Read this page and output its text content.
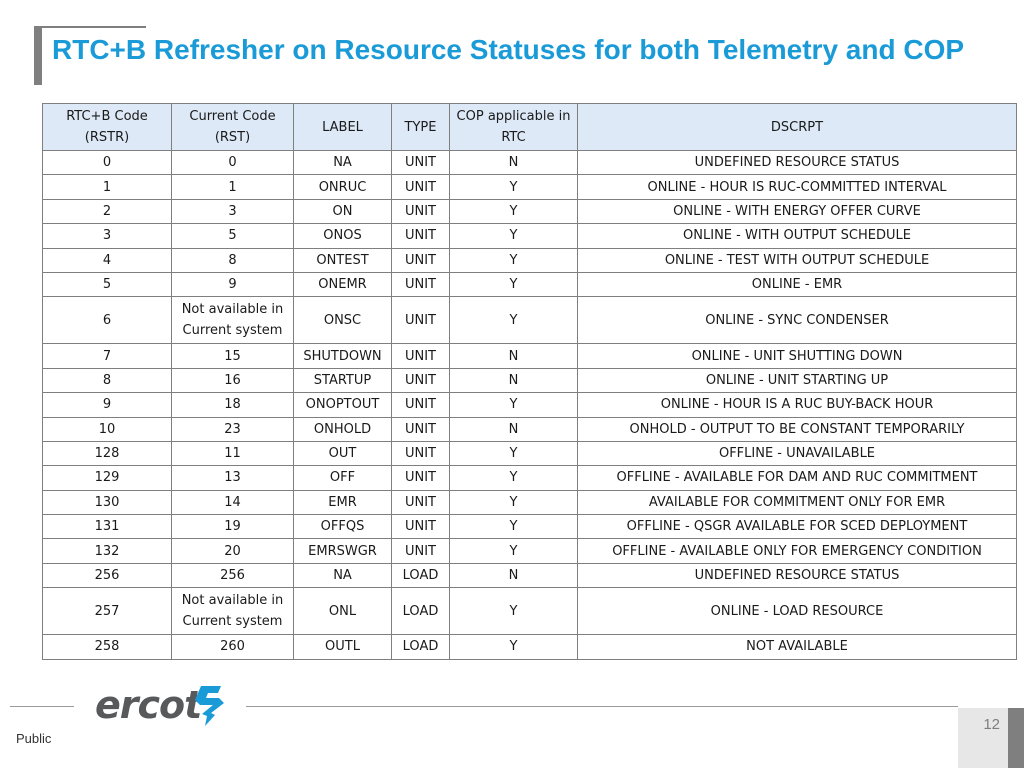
RTC+B Refresher on Resource Statuses for both Telemetry and COP
RTC+B Code (RSTR)	Current Code (RST)	LABEL	TYPE	COP applicable in RTC	DSCRPT
0	0	NA	UNIT	N	UNDEFINED RESOURCE STATUS
1	1	ONRUC	UNIT	Y	ONLINE - HOUR IS RUC-COMMITTED INTERVAL
2	3	ON	UNIT	Y	ONLINE - WITH ENERGY OFFER CURVE
3	5	ONOS	UNIT	Y	ONLINE - WITH OUTPUT SCHEDULE
4	8	ONTEST	UNIT	Y	ONLINE - TEST WITH OUTPUT SCHEDULE
5	9	ONEMR	UNIT	Y	ONLINE - EMR
6	Not available in Current system	ONSC	UNIT	Y	ONLINE - SYNC CONDENSER
7	15	SHUTDOWN	UNIT	N	ONLINE - UNIT SHUTTING DOWN
8	16	STARTUP	UNIT	N	ONLINE - UNIT STARTING UP
9	18	ONOPTOUT	UNIT	Y	ONLINE - HOUR IS A RUC BUY-BACK HOUR
10	23	ONHOLD	UNIT	N	ONHOLD - OUTPUT TO BE CONSTANT TEMPORARILY
128	11	OUT	UNIT	Y	OFFLINE - UNAVAILABLE
129	13	OFF	UNIT	Y	OFFLINE - AVAILABLE FOR DAM AND RUC COMMITMENT
130	14	EMR	UNIT	Y	AVAILABLE FOR COMMITMENT ONLY FOR EMR
131	19	OFFQS	UNIT	Y	OFFLINE - QSGR AVAILABLE FOR SCED DEPLOYMENT
132	20	EMRSWGR	UNIT	Y	OFFLINE - AVAILABLE ONLY FOR EMERGENCY CONDITION
256	256	NA	LOAD	N	UNDEFINED RESOURCE STATUS
257	Not available in Current system	ONL	LOAD	Y	ONLINE - LOAD RESOURCE
258	260	OUTL	LOAD	Y	NOT AVAILABLE
ercot	12
Public
